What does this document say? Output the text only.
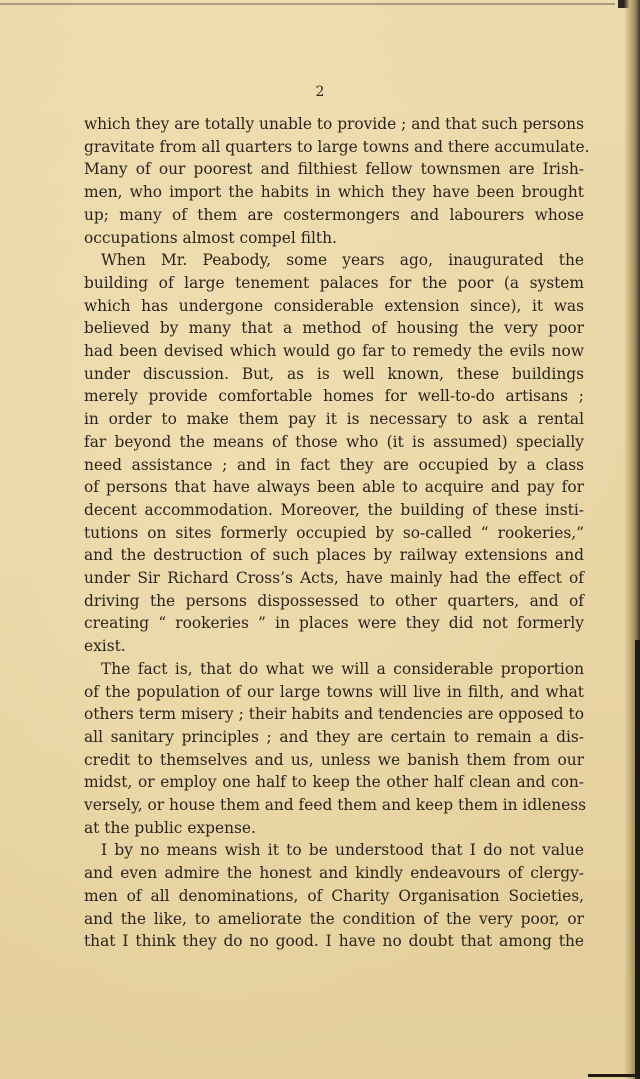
2
which they are totally unable to provide ; and that such persons
gravitate from all quarters to large towns and there accumulate.
Many of our poorest and filthiest fellow townsmen are Irish-
men, who import the habits in which they have been brought
up; many of them are costermongers and labourers whose
occupations almost compel filth.
When Mr. Peabody, some years ago, inaugurated the
building of large tenement palaces for the poor (a system
which has undergone considerable extension since), it was
believed by many that a method of housing the very poor
had been devised which would go far to remedy the evils now
under discussion. But, as is well known, these buildings
merely provide comfortable homes for well-to-do artisans ;
in order to make them pay it is necessary to ask a rental
far beyond the means of those who (it is assumed) specially
need assistance ; and in fact they are occupied by a class
of persons that have always been able to acquire and pay for
decent accommodation. Moreover, the building of these insti-
tutions on sites formerly occupied by so-called “ rookeries,”
and the destruction of such places by railway extensions and
under Sir Richard Cross’s Acts, have mainly had the effect of
driving the persons dispossessed to other quarters, and of
creating “ rookeries ” in places were they did not formerly
exist.
The fact is, that do what we will a considerable proportion
of the population of our large towns will live in filth, and what
others term misery ; their habits and tendencies are opposed to
all sanitary principles ; and they are certain to remain a dis-
credit to themselves and us, unless we banish them from our
midst, or employ one half to keep the other half clean and con-
versely, or house them and feed them and keep them in idleness
at the public expense.
I by no means wish it to be understood that I do not value
and even admire the honest and kindly endeavours of clergy-
men of all denominations, of Charity Organisation Societies,
and the like, to ameliorate the condition of the very poor, or
that I think they do no good. I have no doubt that among the
